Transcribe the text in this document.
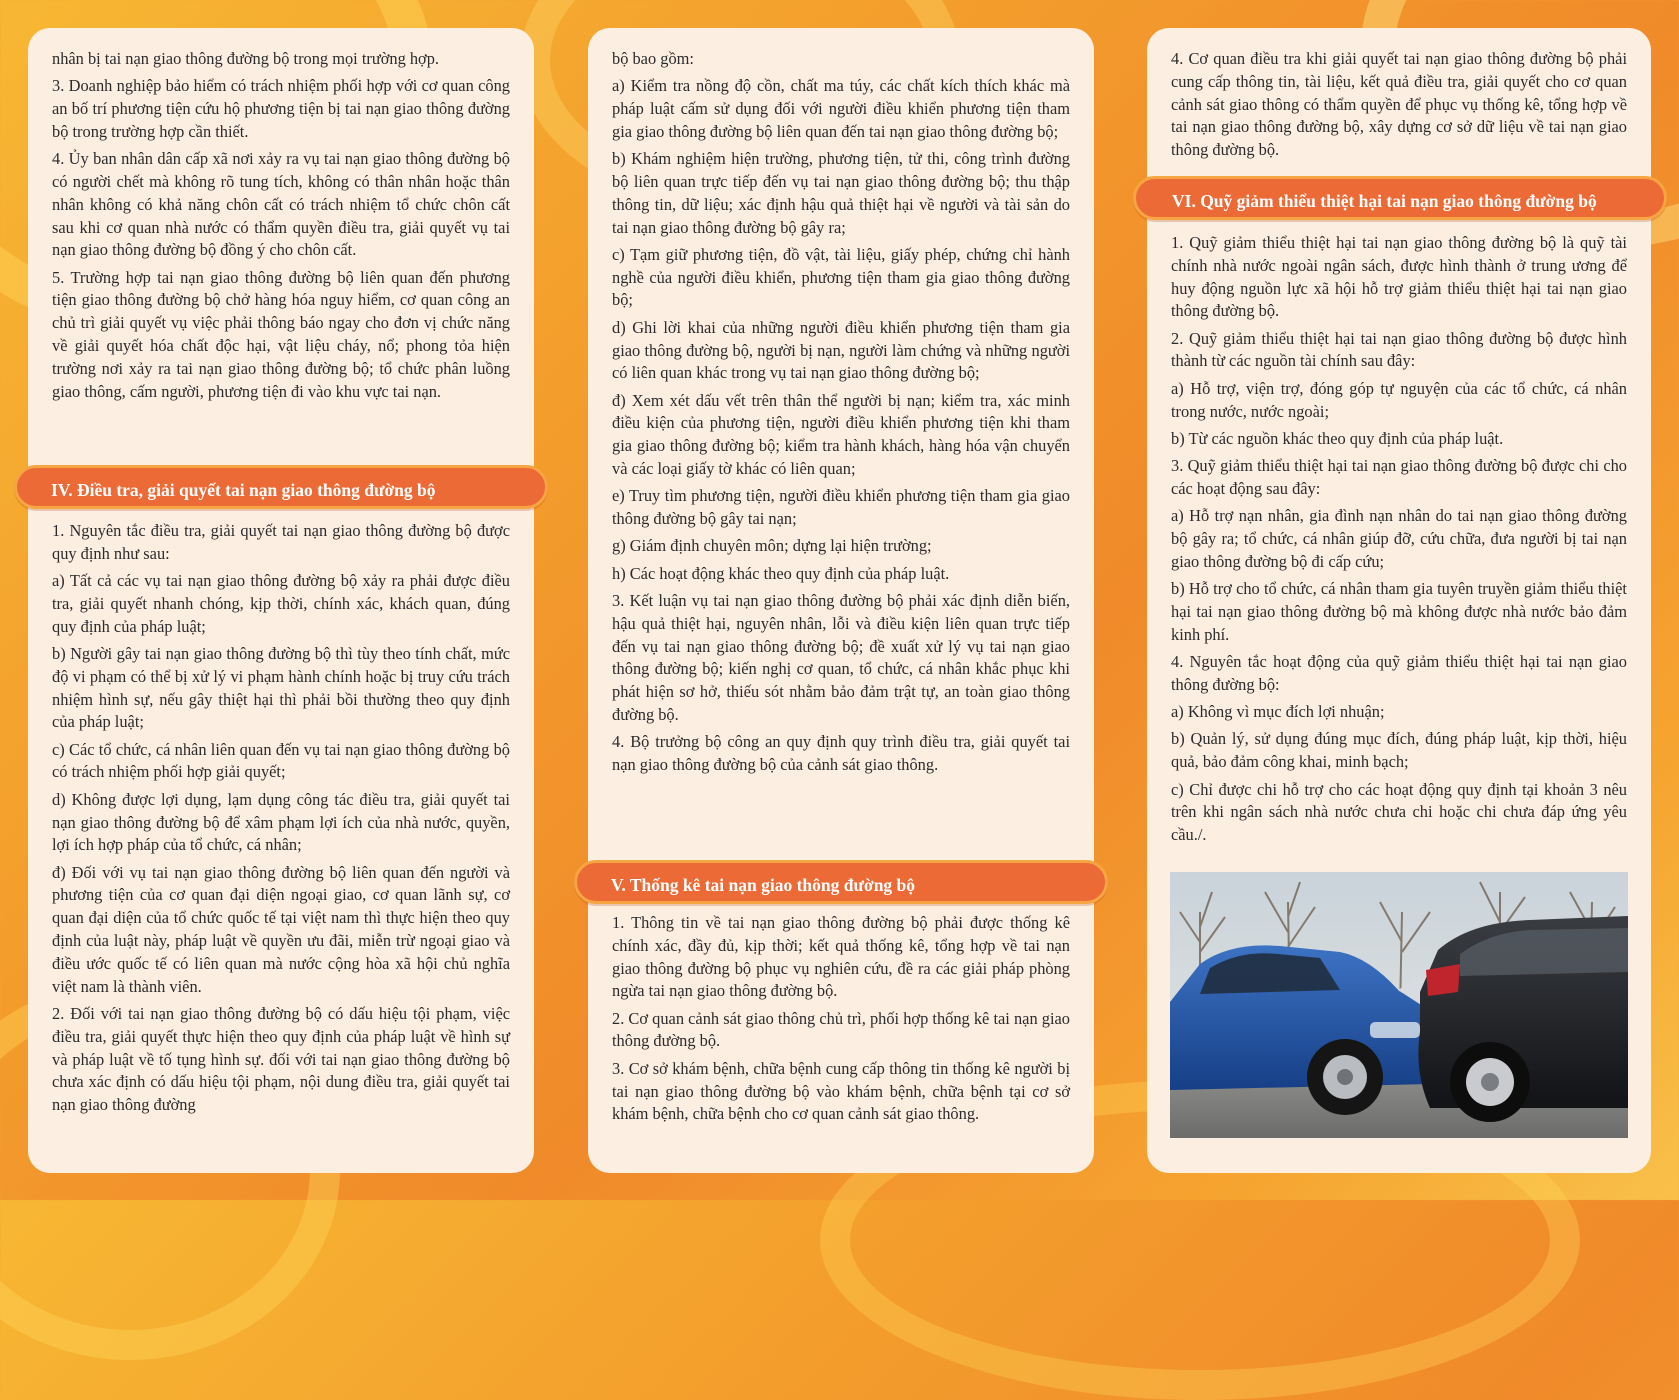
nhân bị tai nạn giao thông đường bộ trong mọi trường hợp.

3. Doanh nghiệp bảo hiểm có trách nhiệm phối hợp với cơ quan công an bố trí phương tiện cứu hộ phương tiện bị tai nạn giao thông đường bộ trong trường hợp cần thiết.

4. Ủy ban nhân dân cấp xã nơi xảy ra vụ tai nạn giao thông đường bộ có người chết mà không rõ tung tích, không có thân nhân hoặc thân nhân không có khả năng chôn cất có trách nhiệm tổ chức chôn cất sau khi cơ quan nhà nước có thẩm quyền điều tra, giải quyết vụ tai nạn giao thông đường bộ đồng ý cho chôn cất.

5. Trường hợp tai nạn giao thông đường bộ liên quan đến phương tiện giao thông đường bộ chở hàng hóa nguy hiểm, cơ quan công an chủ trì giải quyết vụ việc phải thông báo ngay cho đơn vị chức năng về giải quyết hóa chất độc hại, vật liệu cháy, nổ; phong tỏa hiện trường nơi xảy ra tai nạn giao thông đường bộ; tổ chức phân luồng giao thông, cấm người, phương tiện đi vào khu vực tai nạn.

1. Nguyên tắc điều tra, giải quyết tai nạn giao thông đường bộ được quy định như sau:

a) Tất cả các vụ tai nạn giao thông đường bộ xảy ra phải được điều tra, giải quyết nhanh chóng, kịp thời, chính xác, khách quan, đúng quy định của pháp luật;

b) Người gây tai nạn giao thông đường bộ thì tùy theo tính chất, mức độ vi phạm có thể bị xử lý vi phạm hành chính hoặc bị truy cứu trách nhiệm hình sự, nếu gây thiệt hại thì phải bồi thường theo quy định của pháp luật;

c) Các tổ chức, cá nhân liên quan đến vụ tai nạn giao thông đường bộ có trách nhiệm phối hợp giải quyết;

d) Không được lợi dụng, lạm dụng công tác điều tra, giải quyết tai nạn giao thông đường bộ để xâm phạm lợi ích của nhà nước, quyền, lợi ích hợp pháp của tổ chức, cá nhân;

đ) Đối với vụ tai nạn giao thông đường bộ liên quan đến người và phương tiện của cơ quan đại diện ngoại giao, cơ quan lãnh sự, cơ quan đại diện của tổ chức quốc tế tại việt nam thì thực hiện theo quy định của luật này, pháp luật về quyền ưu đãi, miễn trừ ngoại giao và điều ước quốc tế có liên quan mà nước cộng hòa xã hội chủ nghĩa việt nam là thành viên.

2. Đối với tai nạn giao thông đường bộ có dấu hiệu tội phạm, việc điều tra, giải quyết thực hiện theo quy định của pháp luật về hình sự và pháp luật về tố tụng hình sự. đối với tai nạn giao thông đường bộ chưa xác định có dấu hiệu tội phạm, nội dung điều tra, giải quyết tai nạn giao thông đường

IV. Điều tra, giải quyết tai nạn giao thông đường bộ

bộ bao gồm:

a) Kiểm tra nồng độ cồn, chất ma túy, các chất kích thích khác mà pháp luật cấm sử dụng đối với người điều khiển phương tiện tham gia giao thông đường bộ liên quan đến tai nạn giao thông đường bộ;

b) Khám nghiệm hiện trường, phương tiện, tử thi, công trình đường bộ liên quan trực tiếp đến vụ tai nạn giao thông đường bộ; thu thập thông tin, dữ liệu; xác định hậu quả thiệt hại về người và tài sản do tai nạn giao thông đường bộ gây ra;

c) Tạm giữ phương tiện, đồ vật, tài liệu, giấy phép, chứng chỉ hành nghề của người điều khiển, phương tiện tham gia giao thông đường bộ;

d) Ghi lời khai của những người điều khiển phương tiện tham gia giao thông đường bộ, người bị nạn, người làm chứng và những người có liên quan khác trong vụ tai nạn giao thông đường bộ;

đ) Xem xét dấu vết trên thân thể người bị nạn; kiểm tra, xác minh điều kiện của phương tiện, người điều khiển phương tiện khi tham gia giao thông đường bộ; kiểm tra hành khách, hàng hóa vận chuyển và các loại giấy tờ khác có liên quan;

e) Truy tìm phương tiện, người điều khiển phương tiện tham gia giao thông đường bộ gây tai nạn;

g) Giám định chuyên môn; dựng lại hiện trường;

h) Các hoạt động khác theo quy định của pháp luật.

3. Kết luận vụ tai nạn giao thông đường bộ phải xác định diễn biến, hậu quả thiệt hại, nguyên nhân, lỗi và điều kiện liên quan trực tiếp đến vụ tai nạn giao thông đường bộ; đề xuất xử lý vụ tai nạn giao thông đường bộ; kiến nghị cơ quan, tổ chức, cá nhân khắc phục khi phát hiện sơ hở, thiếu sót nhằm bảo đảm trật tự, an toàn giao thông đường bộ.

4. Bộ trưởng bộ công an quy định quy trình điều tra, giải quyết tai nạn giao thông đường bộ của cảnh sát giao thông.

1. Thông tin về tai nạn giao thông đường bộ phải được thống kê chính xác, đầy đủ, kịp thời; kết quả thống kê, tổng hợp về tai nạn giao thông đường bộ phục vụ nghiên cứu, đề ra các giải pháp phòng ngừa tai nạn giao thông đường bộ.

2. Cơ quan cảnh sát giao thông chủ trì, phối hợp thống kê tai nạn giao thông đường bộ.

3. Cơ sở khám bệnh, chữa bệnh cung cấp thông tin thống kê người bị tai nạn giao thông đường bộ vào khám bệnh, chữa bệnh tại cơ sở khám bệnh, chữa bệnh cho cơ quan cảnh sát giao thông.

V. Thống kê tai nạn giao thông đường bộ

4. Cơ quan điều tra khi giải quyết tai nạn giao thông đường bộ phải cung cấp thông tin, tài liệu, kết quả điều tra, giải quyết cho cơ quan cảnh sát giao thông có thẩm quyền để phục vụ thống kê, tổng hợp về tai nạn giao thông đường bộ, xây dựng cơ sở dữ liệu về tai nạn giao thông đường bộ.

1. Quỹ giảm thiểu thiệt hại tai nạn giao thông đường bộ là quỹ tài chính nhà nước ngoài ngân sách, được hình thành ở trung ương để huy động nguồn lực xã hội hỗ trợ giảm thiểu thiệt hại tai nạn giao thông đường bộ.

2. Quỹ giảm thiểu thiệt hại tai nạn giao thông đường bộ được hình thành từ các nguồn tài chính sau đây:

a) Hỗ trợ, viện trợ, đóng góp tự nguyện của các tổ chức, cá nhân trong nước, nước ngoài;

b) Từ các nguồn khác theo quy định của pháp luật.

3. Quỹ giảm thiểu thiệt hại tai nạn giao thông đường bộ được chi cho các hoạt động sau đây:

a) Hỗ trợ nạn nhân, gia đình nạn nhân do tai nạn giao thông đường bộ gây ra; tổ chức, cá nhân giúp đỡ, cứu chữa, đưa người bị tai nạn giao thông đường bộ đi cấp cứu;

b) Hỗ trợ cho tổ chức, cá nhân tham gia tuyên truyền giảm thiểu thiệt hại tai nạn giao thông đường bộ mà không được nhà nước bảo đảm kinh phí.

4. Nguyên tắc hoạt động của quỹ giảm thiểu thiệt hại tai nạn giao thông đường bộ:

a) Không vì mục đích lợi nhuận;

b) Quản lý, sử dụng đúng mục đích, đúng pháp luật, kịp thời, hiệu quả, bảo đảm công khai, minh bạch;

c) Chỉ được chi hỗ trợ cho các hoạt động quy định tại khoản 3 nêu trên khi ngân sách nhà nước chưa chi hoặc chi chưa đáp ứng yêu cầu./.

VI. Quỹ giảm thiểu thiệt hại tai nạn giao thông đường bộ
